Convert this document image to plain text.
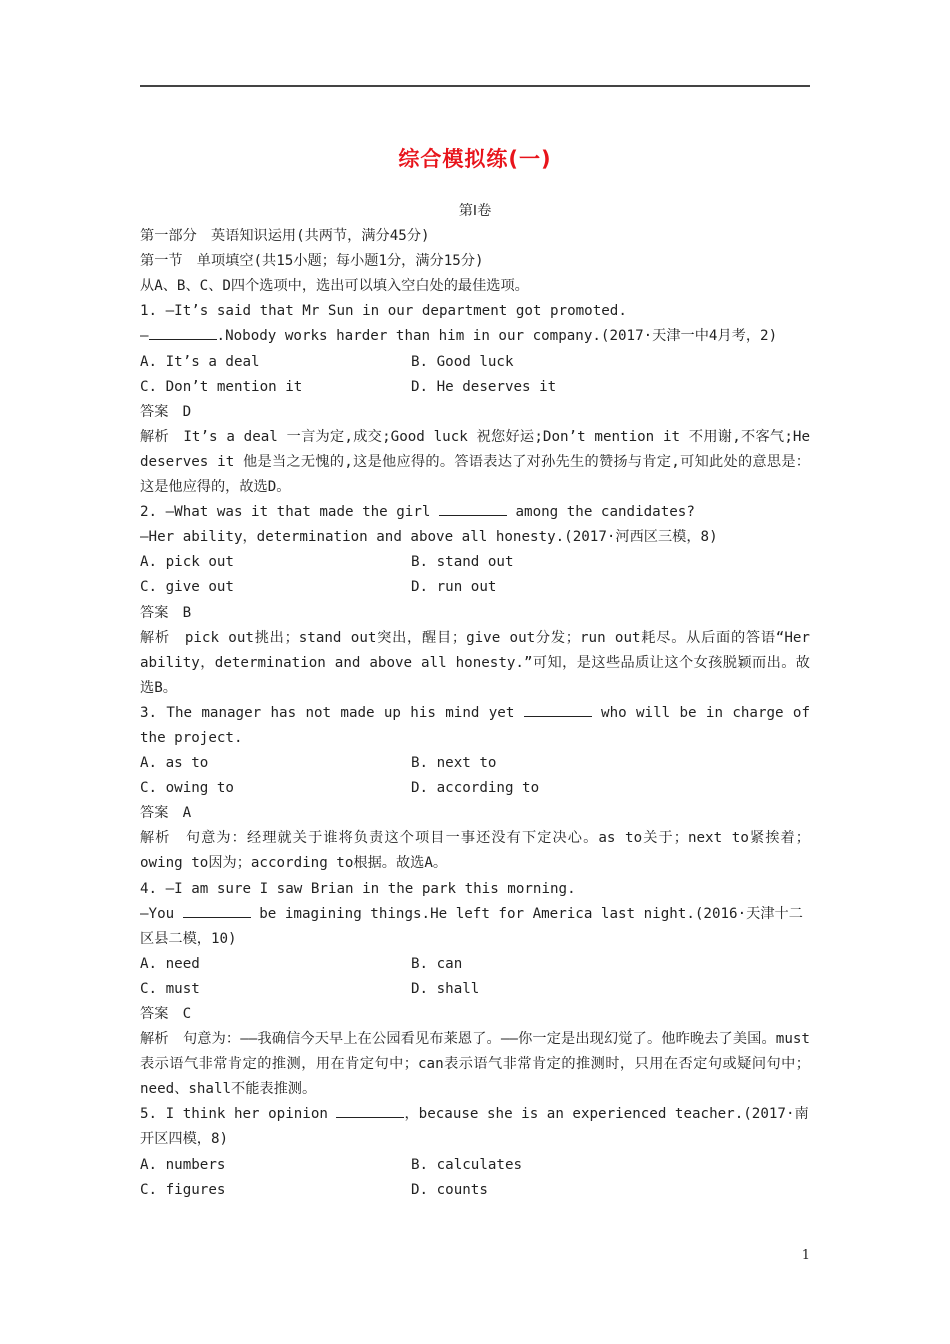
综合模拟练(一)
第Ⅰ卷
第一部分　英语知识运用(共两节，满分45分)
第一节　单项填空(共15小题；每小题1分，满分15分)
从A、B、C、D四个选项中，选出可以填入空白处的最佳选项。
1. —It’s said that Mr Sun in our department got promoted.
—	.Nobody works harder than him in our company.(2017·天津一中4月考，2)
A. It’s a deal	B. Good luck
C. Don’t mention it	D. He deserves it
答案　 D
解析　 It’s a deal 一言为定,成交;Good luck 祝您好运;Don’t mention it 不用谢,不客气;He deserves it 他是当之无愧的,这是他应得的。答语表达了对孙先生的赞扬与肯定,可知此处的意思是：这是他应得的，故选D。
2. —What was it that made the girl	among the candidates?
—Her ability，determination and above all honesty.(2017·河西区三模，8)
A. pick out	B. stand out
C. give out	D. run out
答案　 B
解析　 pick out挑出；stand out突出，醒目；give out分发；run out耗尽。从后面的答语“Her ability，determination and above all honesty.”可知，是这些品质让这个女孩脱颖而出。故选B。
3. The manager has not made up his mind yet	who will be in charge of the project.
A. as to	B. next to
C. owing to	D. according to
答案　 A
解析　 句意为：经理就关于谁将负责这个项目一事还没有下定决心。as to关于；next to紧挨着；owing to因为；according to根据。故选A。
4. —I am sure I saw Brian in the park this morning.
—You	be imagining things.He left for America last night.(2016·天津十二区县二模，10)
A. need	B. can
C. must	D. shall
答案　 C
解析　 句意为：——我确信今天早上在公园看见布莱恩了。——你一定是出现幻觉了。他昨晚去了美国。must表示语气非常肯定的推测，用在肯定句中；can表示语气非常肯定的推测时，只用在否定句或疑问句中；need、shall不能表推测。
5. I think her opinion	，because she is an experienced teacher.(2017·南开区四模，8)
A. numbers	B. calculates
C. figures	D. counts
1
